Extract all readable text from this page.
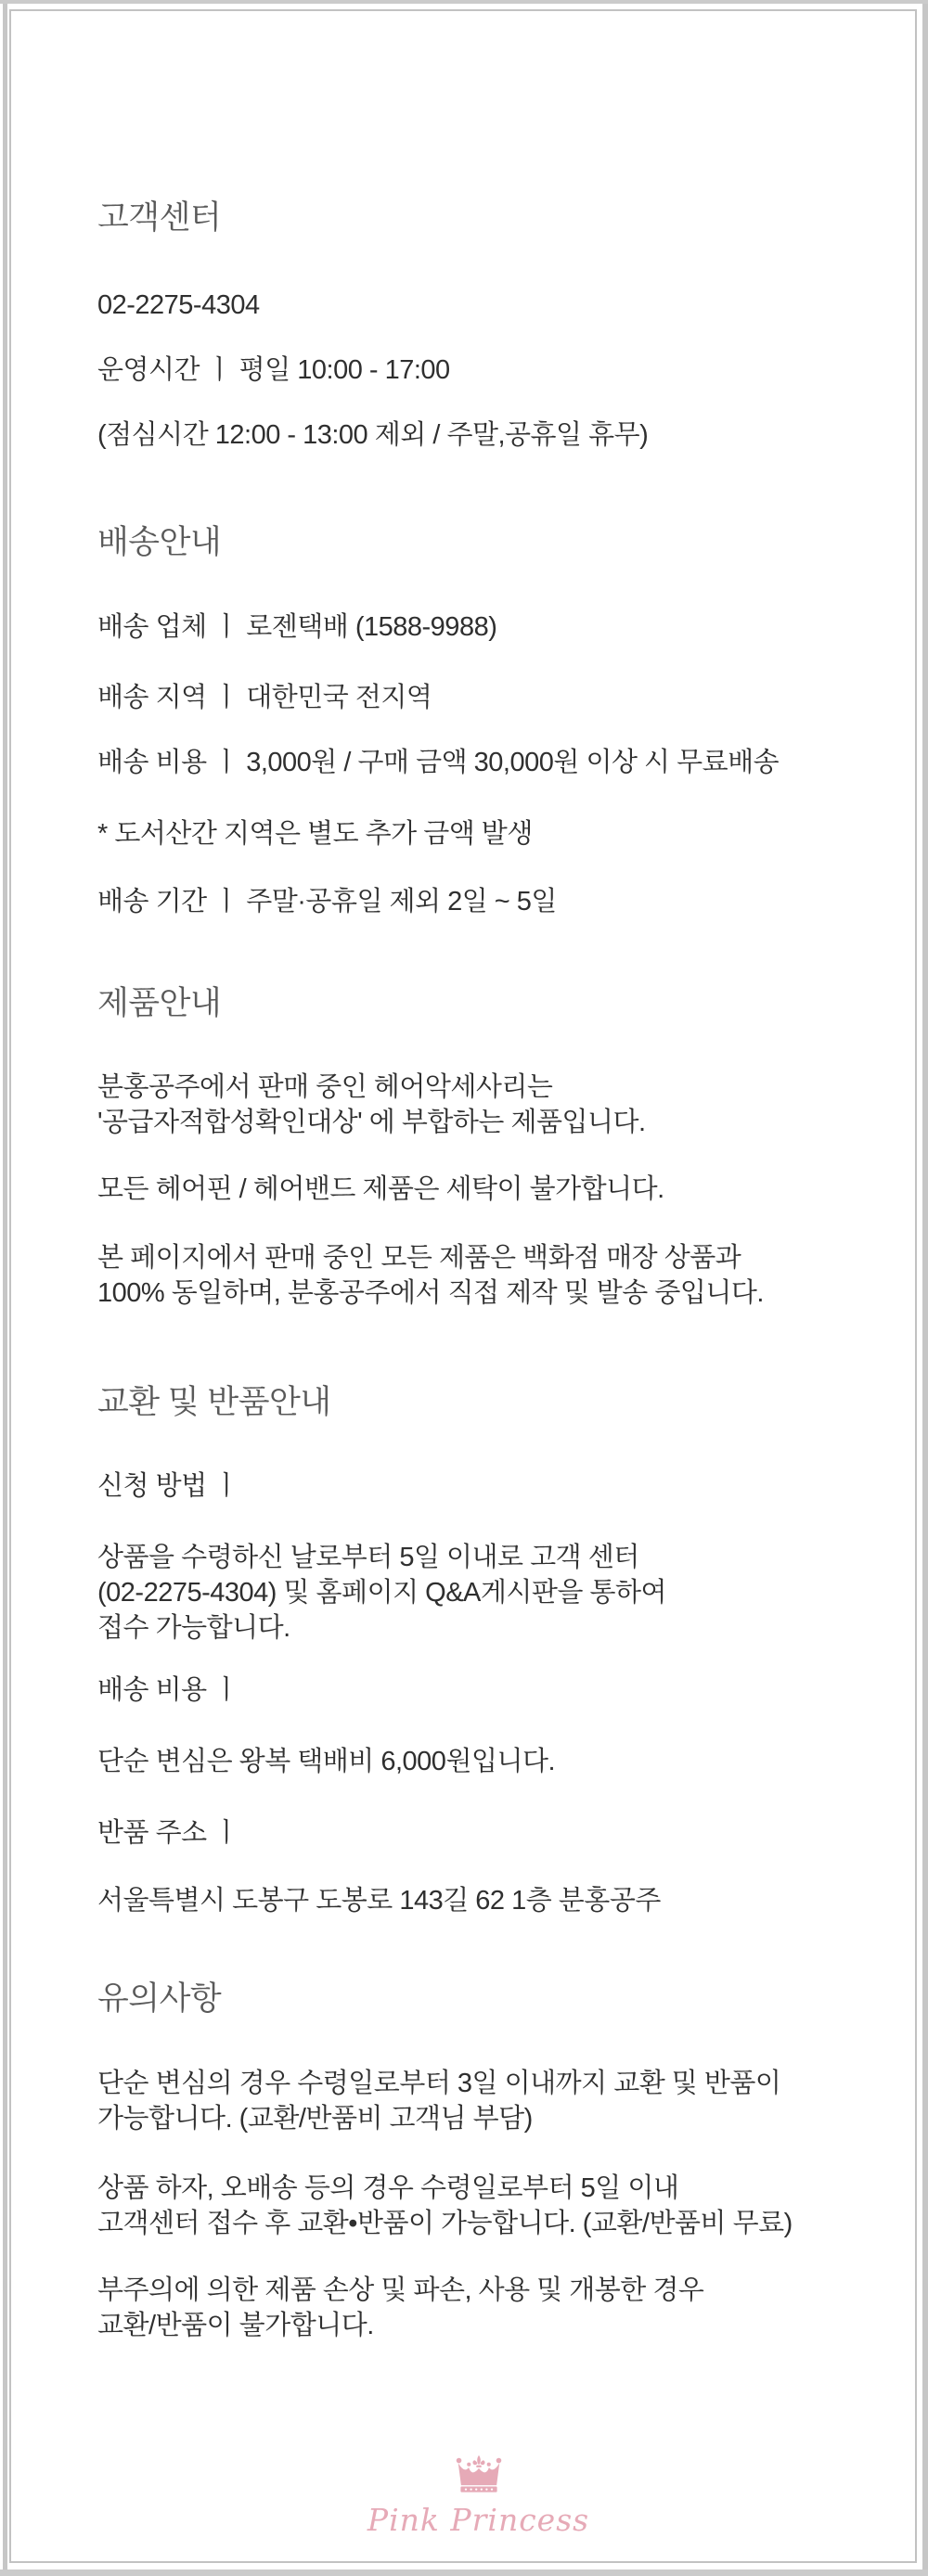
고객센터
02-2275-4304
운영시간 ㅣ 평일 10:00 - 17:00
(점심시간 12:00 - 13:00 제외 / 주말,공휴일 휴무)
배송안내
배송 업체 ㅣ 로젠택배 (1588-9988)
배송 지역 ㅣ 대한민국 전지역
배송 비용 ㅣ 3,000원 / 구매 금액 30,000원 이상 시 무료배송
* 도서산간 지역은 별도 추가 금액 발생
배송 기간 ㅣ 주말·공휴일 제외 2일 ~ 5일
제품안내
분홍공주에서 판매 중인 헤어악세사리는
'공급자적합성확인대상' 에 부합하는 제품입니다.
모든 헤어핀 / 헤어밴드 제품은 세탁이 불가합니다.
본 페이지에서 판매 중인 모든 제품은 백화점 매장 상품과
100% 동일하며, 분홍공주에서 직접 제작 및 발송 중입니다.
교환 및 반품안내
신청 방법 ㅣ
상품을 수령하신 날로부터 5일 이내로 고객 센터
(02-2275-4304) 및 홈페이지 Q&A게시판을 통하여
접수 가능합니다.
배송 비용 ㅣ
단순 변심은 왕복 택배비 6,000원입니다.
반품 주소 ㅣ
서울특별시 도봉구 도봉로 143길 62 1층 분홍공주
유의사항
단순 변심의 경우 수령일로부터 3일 이내까지 교환 및 반품이
가능합니다. (교환/반품비 고객님 부담)
상품 하자, 오배송 등의 경우 수령일로부터 5일 이내
고객센터 접수 후 교환•반품이 가능합니다. (교환/반품비 무료)
부주의에 의한 제품 손상 및 파손, 사용 및 개봉한 경우
교환/반품이 불가합니다.
Pink Princess
